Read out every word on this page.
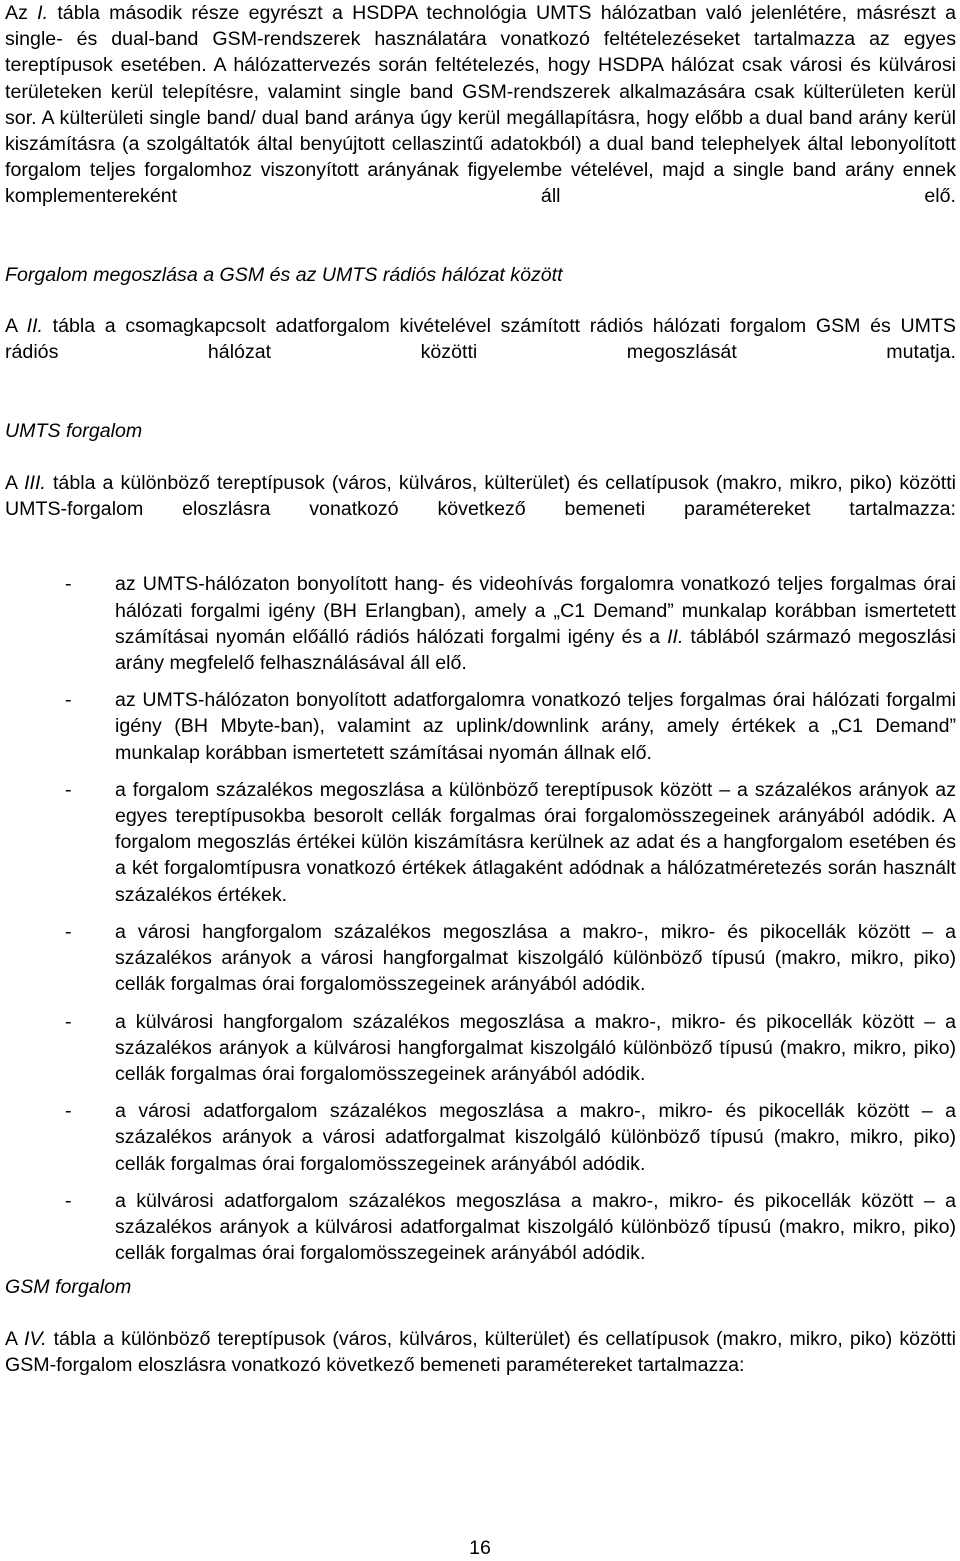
Az I. tábla második része egyrészt a HSDPA technológia UMTS hálózatban való jelenlétére, másrészt a single- és dual-band GSM-rendszerek használatára vonatkozó feltételezéseket tartalmazza az egyes tereptípusok esetében. A hálózattervezés során feltételezés, hogy HSDPA hálózat csak városi és külvárosi területeken kerül telepítésre, valamint single band GSM-rendszerek alkalmazására csak külterületen kerül sor. A külterületi single band/ dual band aránya úgy kerül megállapításra, hogy előbb a dual band arány kerül kiszámításra (a szolgáltatók által benyújtott cellaszintű adatokból) a dual band telephelyek által lebonyolított forgalom teljes forgalomhoz viszonyított arányának figyelembe vételével, majd a single band arány ennek komplementereként áll elő.

Forgalom megoszlása a GSM és az UMTS rádiós hálózat között

A II. tábla a csomagkapcsolt adatforgalom kivételével számított rádiós hálózati forgalom GSM és UMTS rádiós hálózat közötti megoszlását mutatja.

UMTS forgalom

A III. tábla a különböző tereptípusok (város, külváros, külterület) és cellatípusok (makro, mikro, piko) közötti UMTS-forgalom eloszlásra vonatkozó következő bemeneti paramétereket tartalmazza:

- az UMTS-hálózaton bonyolított hang- és videohívás forgalomra vonatkozó teljes forgalmas órai hálózati forgalmi igény (BH Erlangban), amely a „C1 Demand” munkalap korábban ismertetett számításai nyomán előálló rádiós hálózati forgalmi igény és a II. táblából származó megoszlási arány megfelelő felhasználásával áll elő.
- az UMTS-hálózaton bonyolított adatforgalomra vonatkozó teljes forgalmas órai hálózati forgalmi igény (BH Mbyte-ban), valamint az uplink/downlink arány, amely értékek a „C1 Demand” munkalap korábban ismertetett számításai nyomán állnak elő.
- a forgalom százalékos megoszlása a különböző tereptípusok között – a százalékos arányok az egyes tereptípusokba besorolt cellák forgalmas órai forgalomösszegeinek arányából adódik. A forgalom megoszlás értékei külön kiszámításra kerülnek az adat és a hangforgalom esetében és a két forgalomtípusra vonatkozó értékek átlagaként adódnak a hálózatméretezés során használt százalékos értékek.
- a városi hangforgalom százalékos megoszlása a makro-, mikro- és pikocellák között – a százalékos arányok a városi hangforgalmat kiszolgáló különböző típusú (makro, mikro, piko) cellák forgalmas órai forgalomösszegeinek arányából adódik.
- a külvárosi hangforgalom százalékos megoszlása a makro-, mikro- és pikocellák között – a százalékos arányok a külvárosi hangforgalmat kiszolgáló különböző típusú (makro, mikro, piko) cellák forgalmas órai forgalomösszegeinek arányából adódik.
- a városi adatforgalom százalékos megoszlása a makro-, mikro- és pikocellák között – a százalékos arányok a városi adatforgalmat kiszolgáló különböző típusú (makro, mikro, piko) cellák forgalmas órai forgalomösszegeinek arányából adódik.
- a külvárosi adatforgalom százalékos megoszlása a makro-, mikro- és pikocellák között – a százalékos arányok a külvárosi adatforgalmat kiszolgáló különböző típusú (makro, mikro, piko) cellák forgalmas órai forgalomösszegeinek arányából adódik.

GSM forgalom

A IV. tábla a különböző tereptípusok (város, külváros, külterület) és cellatípusok (makro, mikro, piko) közötti GSM-forgalom eloszlásra vonatkozó következő bemeneti paramétereket tartalmazza:

16
